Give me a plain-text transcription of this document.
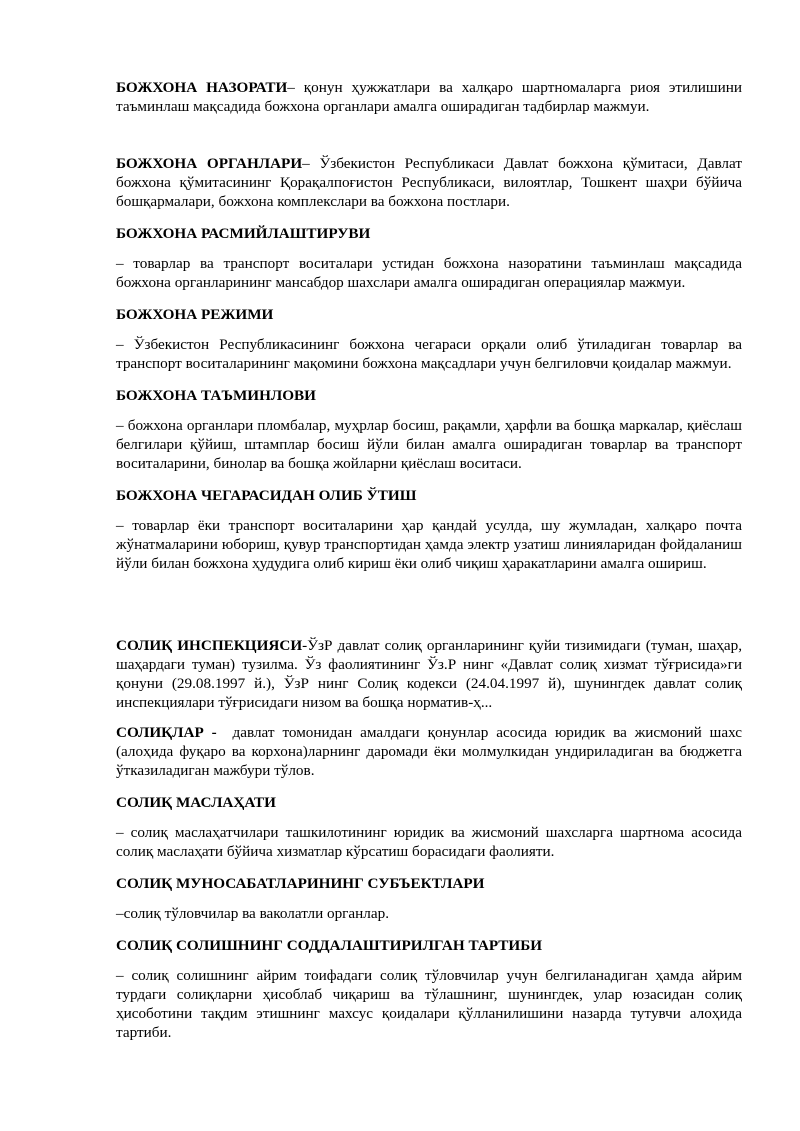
БОЖХОНА НАЗОРАТИ– қонун ҳужжатлари ва халқаро шартномаларга риоя этилишини таъминлаш мақсадида божхона органлари амалга оширадиган тадбирлар мажмуи.

БОЖХОНА ОРГАНЛАРИ– Ўзбекистон Республикаси Давлат божхона қўмитаси, Давлат божхона қўмитасининг Қорақалпоғистон Республикаси, вилоятлар, Тошкент шаҳри бўйича бошқармалари, божхона комплекслари ва божхона постлари.

БОЖХОНА РАСМИЙЛАШТИРУВИ

– товарлар ва транспорт воситалари устидан божхона назоратини таъминлаш мақсадида божхона органларининг мансабдор шахслари амалга оширадиган операциялар мажмуи.

БОЖХОНА РЕЖИМИ

– Ўзбекистон Республикасининг божхона чегараси орқали олиб ўтиладиган товарлар ва транспорт воситаларининг мақомини божхона мақсадлари учун белгиловчи қоидалар мажмуи.

БОЖХОНА ТАЪМИНЛОВИ

– божхона органлари пломбалар, муҳрлар босиш, рақамли, ҳарфли ва бошқа маркалар, қиёслаш белгилари қўйиш, штамплар босиш йўли билан амалга оширадиган товарлар ва транспорт воситаларини, бинолар ва бошқа жойларни қиёслаш воситаси.

БОЖХОНА ЧЕГАРАСИДАН ОЛИБ ЎТИШ

– товарлар ёки транспорт воситаларини ҳар қандай усулда, шу жумладан, халқаро почта жўнатмаларини юбориш, қувур транспортидан ҳамда электр узатиш линияларидан фойдаланиш йўли билан божхона ҳудудига олиб кириш ёки олиб чиқиш ҳаракатларини амалга ошириш.

СОЛИҚ ИНСПЕКЦИЯСИ-ЎзР давлат солиқ органларининг қуйи тизимидаги (туман, шаҳар, шаҳардаги туман) тузилма. Ўз фаолиятининг Ўз.Р нинг «Давлат солиқ хизмат тўғрисида»ги қонуни (29.08.1997 й.), ЎзР нинг Солиқ кодекси (24.04.1997 й), шунингдек давлат солиқ инспекциялари тўғрисидаги низом ва бошқа норматив-ҳ...

СОЛИҚЛАР - давлат томонидан амалдаги қонунлар асосида юридик ва жисмоний шахс (алоҳида фуқаро ва корхона)ларнинг даромади ёки молмулкидан ундириладиган ва бюджетга ўтказиладиган мажбури тўлов.

СОЛИҚ МАСЛАҲАТИ

– солиқ маслаҳатчилари ташкилотининг юридик ва жисмоний шахсларга шартнома асосида солиқ маслаҳати бўйича хизматлар кўрсатиш борасидаги фаолияти.

СОЛИҚ МУНОСАБАТЛАРИНИНГ СУБЪЕКТЛАРИ

–солиқ тўловчилар ва ваколатли органлар.

СОЛИҚ СОЛИШНИНГ СОДДАЛАШТИРИЛГАН ТАРТИБИ

– солиқ солишнинг айрим тоифадаги солиқ тўловчилар учун белгиланадиган ҳамда айрим турдаги солиқларни ҳисоблаб чиқариш ва тўлашнинг, шунингдек, улар юзасидан солиқ ҳисоботини тақдим этишнинг махсус қоидалари қўлланилишини назарда тутувчи алоҳида тартиби.
